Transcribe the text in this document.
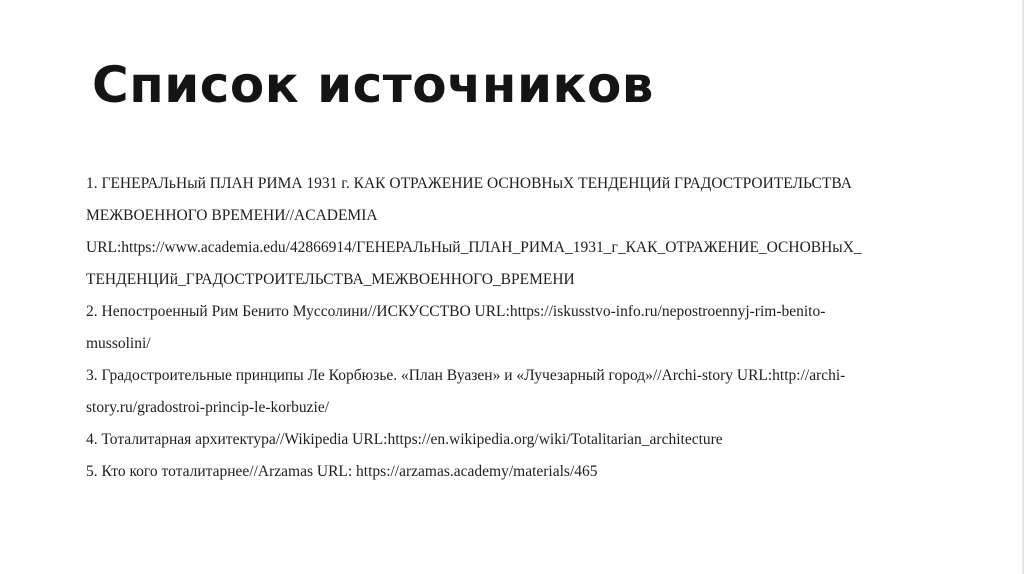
Список источников
1. ГЕНЕРАЛьНый ПЛАН РИМА 1931 г. КАК ОТРАЖЕНИЕ ОСНОВНыХ ТЕНДЕНЦИй ГРАДОСТРОИТЕЛЬСТВА
МЕЖВОЕННОГО ВРЕМЕНИ//ACADEMIA
URL:https://www.academia.edu/42866914/ГЕНЕРАЛьНый_ПЛАН_РИМА_1931_г_КАК_ОТРАЖЕНИЕ_ОСНОВНыХ_
ТЕНДЕНЦИй_ГРАДОСТРОИТЕЛЬСТВА_МЕЖВОЕННОГО_ВРЕМЕНИ
2. Непостроенный Рим Бенито Муссолини//ИСКУССТВО URL:https://iskusstvo-info.ru/nepostroennyj-rim-benito-
mussolini/
3. Градостроительные принципы Ле Корбюзье. «План Вуазен» и «Лучезарный город»//Archi-story URL:http://archi-
story.ru/gradostroi-princip-le-korbuzie/
4. Тоталитарная архитектура//Wikipedia URL:https://en.wikipedia.org/wiki/Totalitarian_architecture
5. Кто кого тоталитарнее//Arzamas URL: https://arzamas.academy/materials/465
